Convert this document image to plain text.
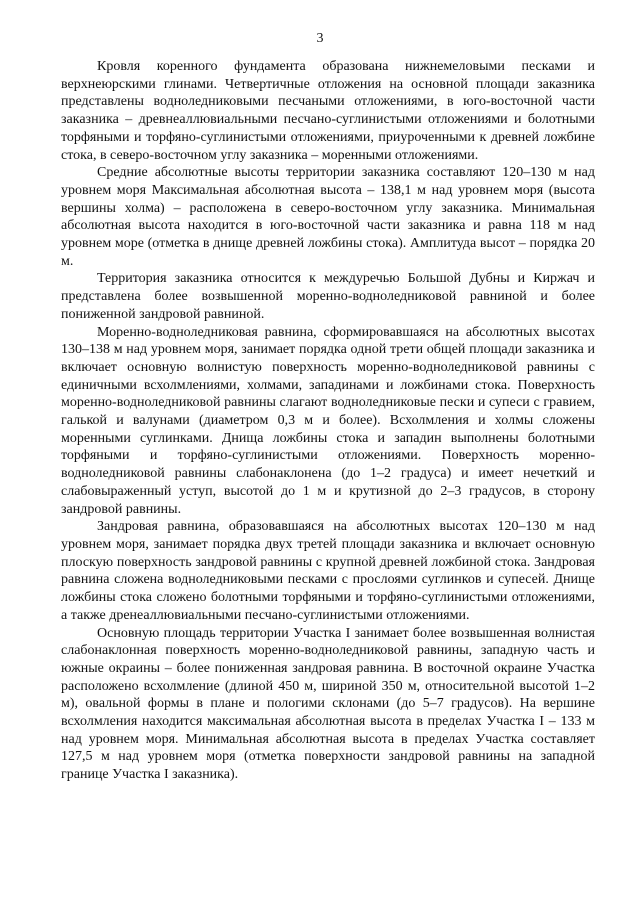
3

Кровля коренного фундамента образована нижнемеловыми песками и верхнеюрскими глинами. Четвертичные отложения на основной площади заказника представлены водноледниковыми песчаными отложениями, в юго-восточной части заказника – древнеаллювиальными песчано-суглинистыми отложениями и болотными торфяными и торфяно-суглинистыми отложениями, приуроченными к древней ложбине стока, в северо-восточном углу заказника – моренными отложениями.

Средние абсолютные высоты территории заказника составляют 120–130 м над уровнем моря Максимальная абсолютная высота – 138,1 м над уровнем моря (высота вершины холма) – расположена в северо-восточном углу заказника. Минимальная абсолютная высота находится в юго-восточной части заказника и равна 118 м над уровнем море (отметка в днище древней ложбины стока). Амплитуда высот – порядка 20 м.

Территория заказника относится к междуречью Большой Дубны и Киржач и представлена более возвышенной моренно-водноледниковой равниной и более пониженной зандровой равниной.

Моренно-водноледниковая равнина, сформировавшаяся на абсолютных высотах 130–138 м над уровнем моря, занимает порядка одной трети общей площади заказника и включает основную волнистую поверхность моренно-водноледниковой равнины с единичными всхолмлениями, холмами, западинами и ложбинами стока. Поверхность моренно-водноледниковой равнины слагают водноледниковые пески и супеси с гравием, галькой и валунами (диаметром 0,3 м и более). Всхолмления и холмы сложены моренными суглинками. Днища ложбины стока и западин выполнены болотными торфяными и торфяно-суглинистыми отложениями. Поверхность моренно-водноледниковой равнины слабонаклонена (до 1–2 градуса) и имеет нечеткий и слабовыраженный уступ, высотой до 1 м и крутизной до 2–3 градусов, в сторону зандровой равнины.

Зандровая равнина, образовавшаяся на абсолютных высотах 120–130 м над уровнем моря, занимает порядка двух третей площади заказника и включает основную плоскую поверхность зандровой равнины с крупной древней ложбиной стока. Зандровая равнина сложена водноледниковыми песками с прослоями суглинков и супесей. Днище ложбины стока сложено болотными торфяными и торфяно-суглинистыми отложениями, а также дренеаллювиальными песчано-суглинистыми отложениями.

Основную площадь территории Участка I занимает более возвышенная волнистая слабонаклонная поверхность моренно-водноледниковой равнины, западную часть и южные окраины – более пониженная зандровая равнина. В восточной окраине Участка расположено всхолмление (длиной 450 м, шириной 350 м, относительной высотой 1–2 м), овальной формы в плане и пологими склонами (до 5–7 градусов). На вершине всхолмления находится максимальная абсолютная высота в пределах Участка I – 133 м над уровнем моря. Минимальная абсолютная высота в пределах Участка составляет 127,5 м над уровнем моря (отметка поверхности зандровой равнины на западной границе Участка I заказника).
